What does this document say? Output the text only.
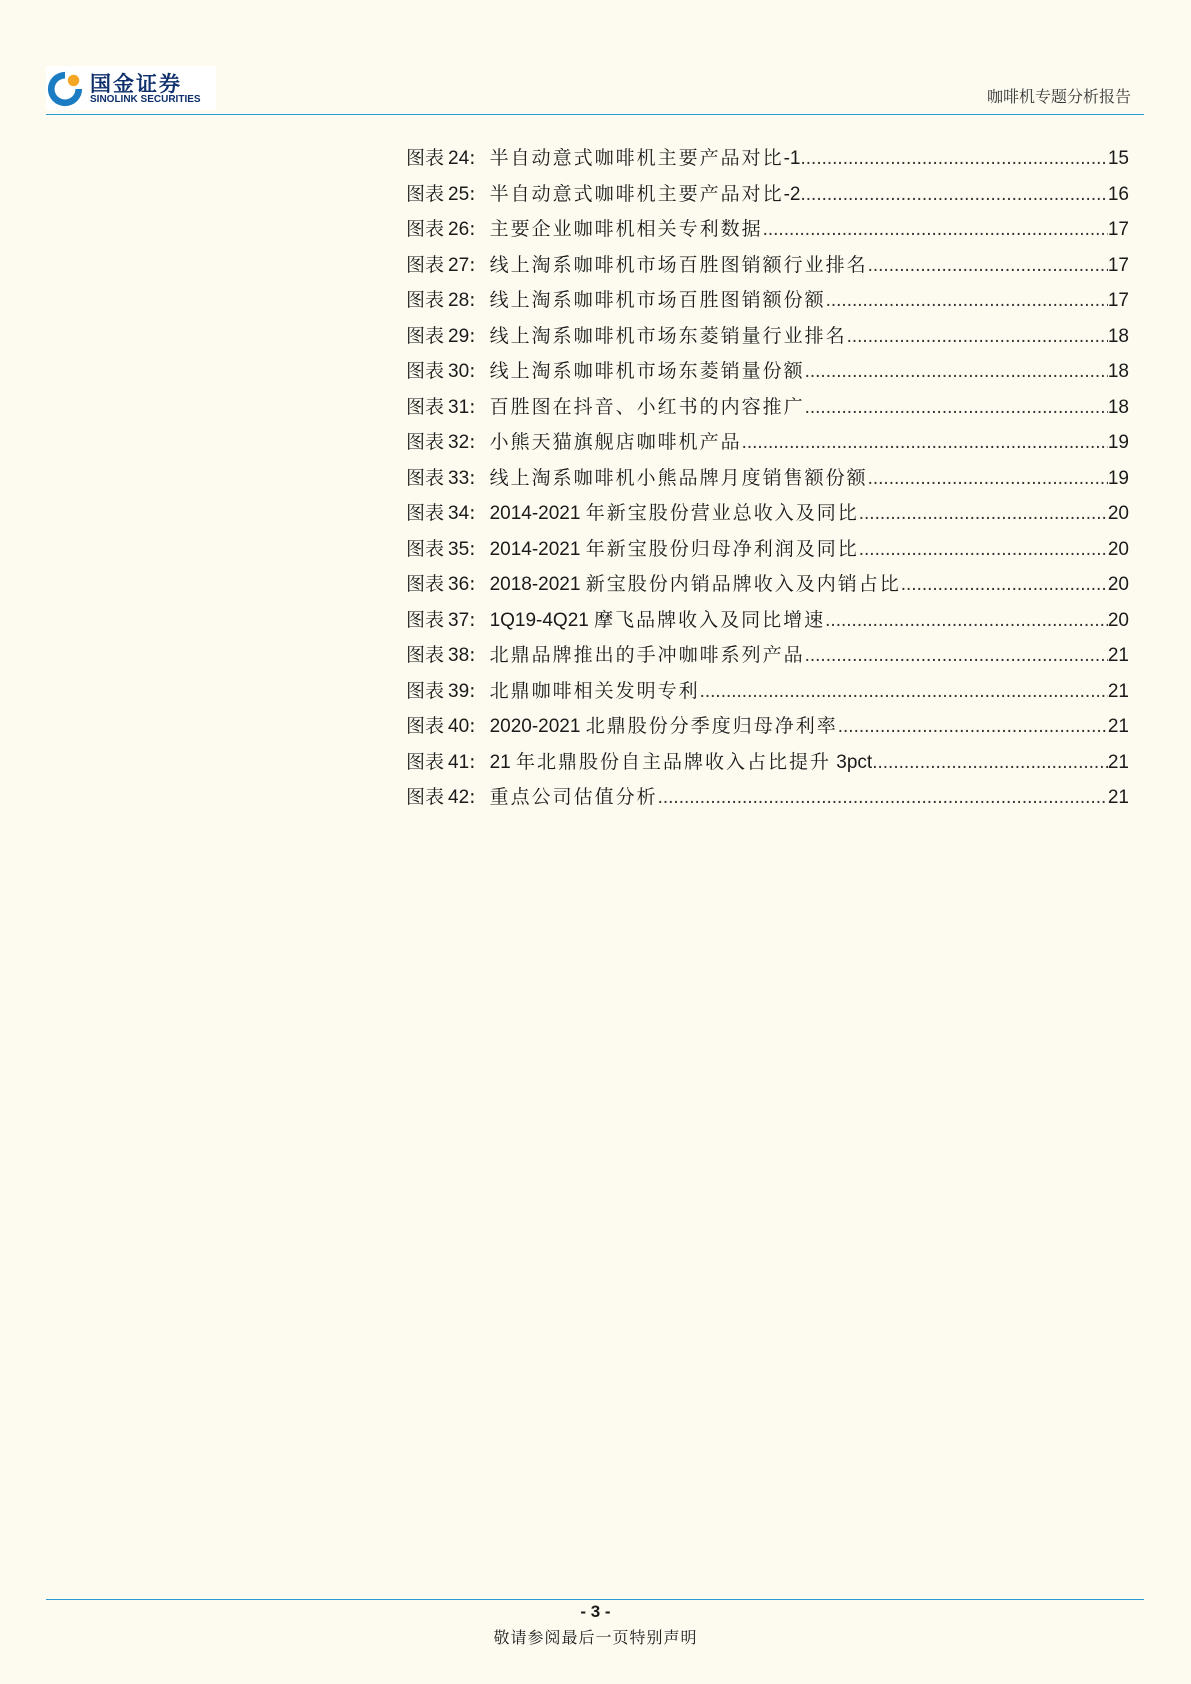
国金证券
SINOLINK SECURITIES	咖啡机专题分析报告
图表 24 : 半自动意式咖啡机主要产品对比-1 .....	15
图表 25 : 半自动意式咖啡机主要产品对比-2 .....	16
图表 26 : 主要企业咖啡机相关专利数据 .....	17
图表 27 : 线上淘系咖啡机市场百胜图销额行业排名 .....	17
图表 28 : 线上淘系咖啡机市场百胜图销额份额 .....	17
图表 29 : 线上淘系咖啡机市场东菱销量行业排名 .....	18
图表 30 : 线上淘系咖啡机市场东菱销量份额 .....	18
图表 31 : 百胜图在抖音、小红书的内容推广 .....	18
图表 32 : 小熊天猫旗舰店咖啡机产品 .....	19
图表 33 : 线上淘系咖啡机小熊品牌月度销售额份额 .....	19
图表 34 : 2014-2021 年新宝股份营业总收入及同比 .....	20
图表 35 : 2014-2021 年新宝股份归母净利润及同比 .....	20
图表 36 : 2018-2021 新宝股份内销品牌收入及内销占比 .....	20
图表 37 : 1Q19-4Q21 摩飞品牌收入及同比增速 .....	20
图表 38 : 北鼎品牌推出的手冲咖啡系列产品 .....	21
图表 39 : 北鼎咖啡相关发明专利 .....	21
图表 40 : 2020-2021 北鼎股份分季度归母净利率 .....	21
图表 41 : 21 年北鼎股份自主品牌收入占比提升 3pct .....	21
图表 42 : 重点公司估值分析 .....	21
- 3 -
敬请参阅最后一页特别声明
